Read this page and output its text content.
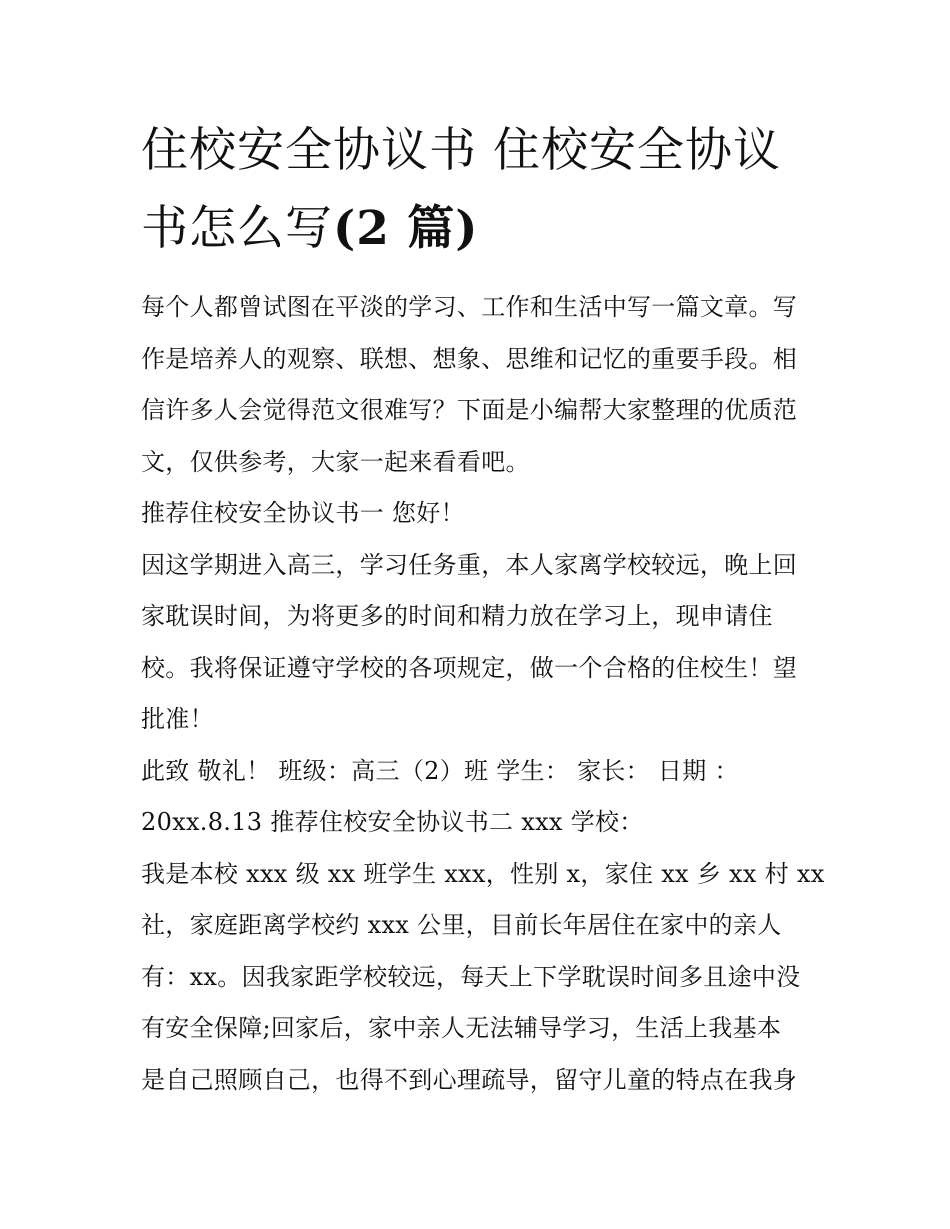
住校安全协议书 住校安全协议
书怎么写(2 篇)
每个人都曾试图在平淡的学习、工作和生活中写一篇文章。写
作是培养人的观察、联想、想象、思维和记忆的重要手段。相
信许多人会觉得范文很难写？下面是小编帮大家整理的优质范
文，仅供参考，大家一起来看看吧。
推荐住校安全协议书一 您好！
因这学期进入高三，学习任务重，本人家离学校较远，晚上回
家耽误时间，为将更多的时间和精力放在学习上，现申请住
校。我将保证遵守学校的各项规定，做一个合格的住校生！望
批准！
此致 敬礼！ 班级：高三（2）班 学生： 家长： 日期 ：
20xx.8.13 推荐住校安全协议书二 xxx 学校：
我是本校 xxx 级 xx 班学生 xxx，性别 x，家住 xx 乡 xx 村 xx
社，家庭距离学校约 xxx 公里，目前长年居住在家中的亲人
有：xx。因我家距学校较远，每天上下学耽误时间多且途中没
有安全保障;回家后，家中亲人无法辅导学习，生活上我基本
是自己照顾自己，也得不到心理疏导，留守儿童的特点在我身
